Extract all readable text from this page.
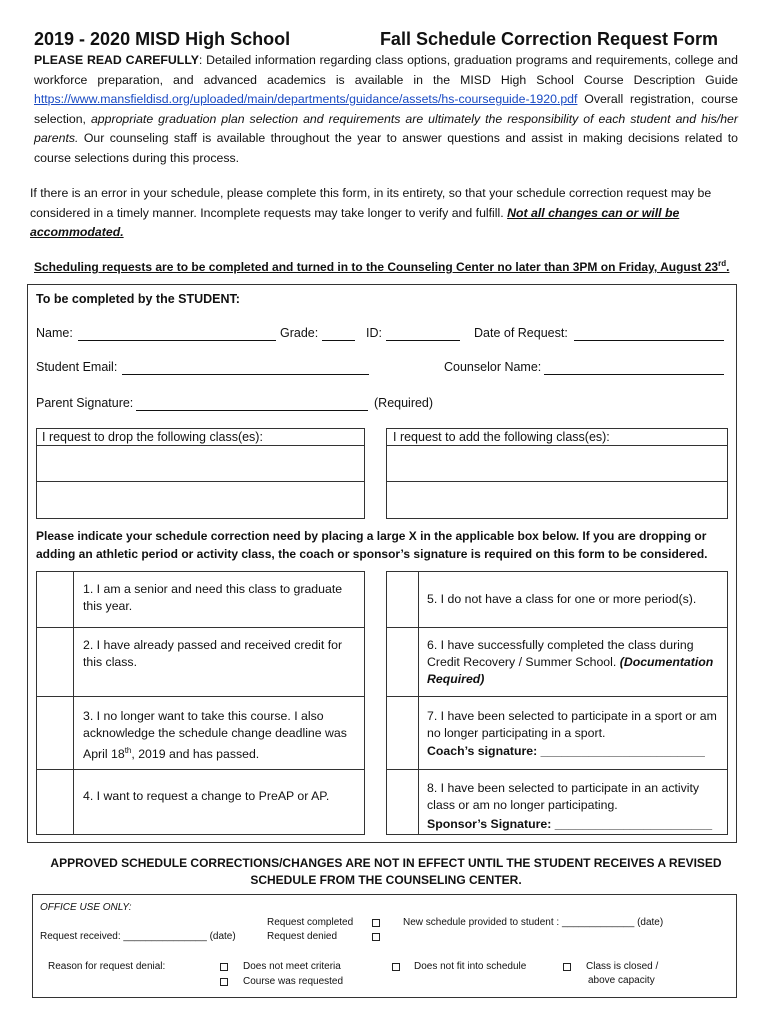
2019 - 2020 MISD High School	Fall Schedule Correction Request Form
PLEASE READ CAREFULLY: Detailed information regarding class options, graduation programs and requirements, college and workforce preparation, and advanced academics is available in the MISD High School Course Description Guide https://www.mansfieldisd.org/uploaded/main/departments/guidance/assets/hs-courseguide-1920.pdf Overall registration, course selection, appropriate graduation plan selection and requirements are ultimately the responsibility of each student and his/her parents. Our counseling staff is available throughout the year to answer questions and assist in making decisions related to course selections during this process.
If there is an error in your schedule, please complete this form, in its entirety, so that your schedule correction request may be considered in a timely manner. Incomplete requests may take longer to verify and fulfill. Not all changes can or will be accommodated.
Scheduling requests are to be completed and turned in to the Counseling Center no later than 3PM on Friday, August 23rd.
To be completed by the STUDENT:
Name:	Grade:	ID:	Date of Request:
Student Email:	Counselor Name:
Parent Signature:	(Required)
I request to drop the following class(es):	I request to add the following class(es):
Please indicate your schedule correction need by placing a large X in the applicable box below. If you are dropping or adding an athletic period or activity class, the coach or sponsor’s signature is required on this form to be considered.
1. I am a senior and need this class to graduate this year.
2. I have already passed and received credit for this class.
3. I no longer want to take this course. I also acknowledge the schedule change deadline was April 18th, 2019 and has passed.
4. I want to request a change to PreAP or AP.
5. I do not have a class for one or more period(s).
6. I have successfully completed the class during Credit Recovery / Summer School. (Documentation Required)
7. I have been selected to participate in a sport or am no longer participating in a sport.
Coach’s signature: ________________________
8. I have been selected to participate in an activity class or am no longer participating.
Sponsor’s Signature: _______________________
APPROVED SCHEDULE CORRECTIONS/CHANGES ARE NOT IN EFFECT UNTIL THE STUDENT RECEIVES A REVISED SCHEDULE FROM THE COUNSELING CENTER.
OFFICE USE ONLY:
Request received: _______________ (date)
Request completed
Request denied
New schedule provided to student : _____________ (date)
Reason for request denial:	Does not meet criteria
Course was requested
Does not fit into schedule	Class is closed /
above capacity
